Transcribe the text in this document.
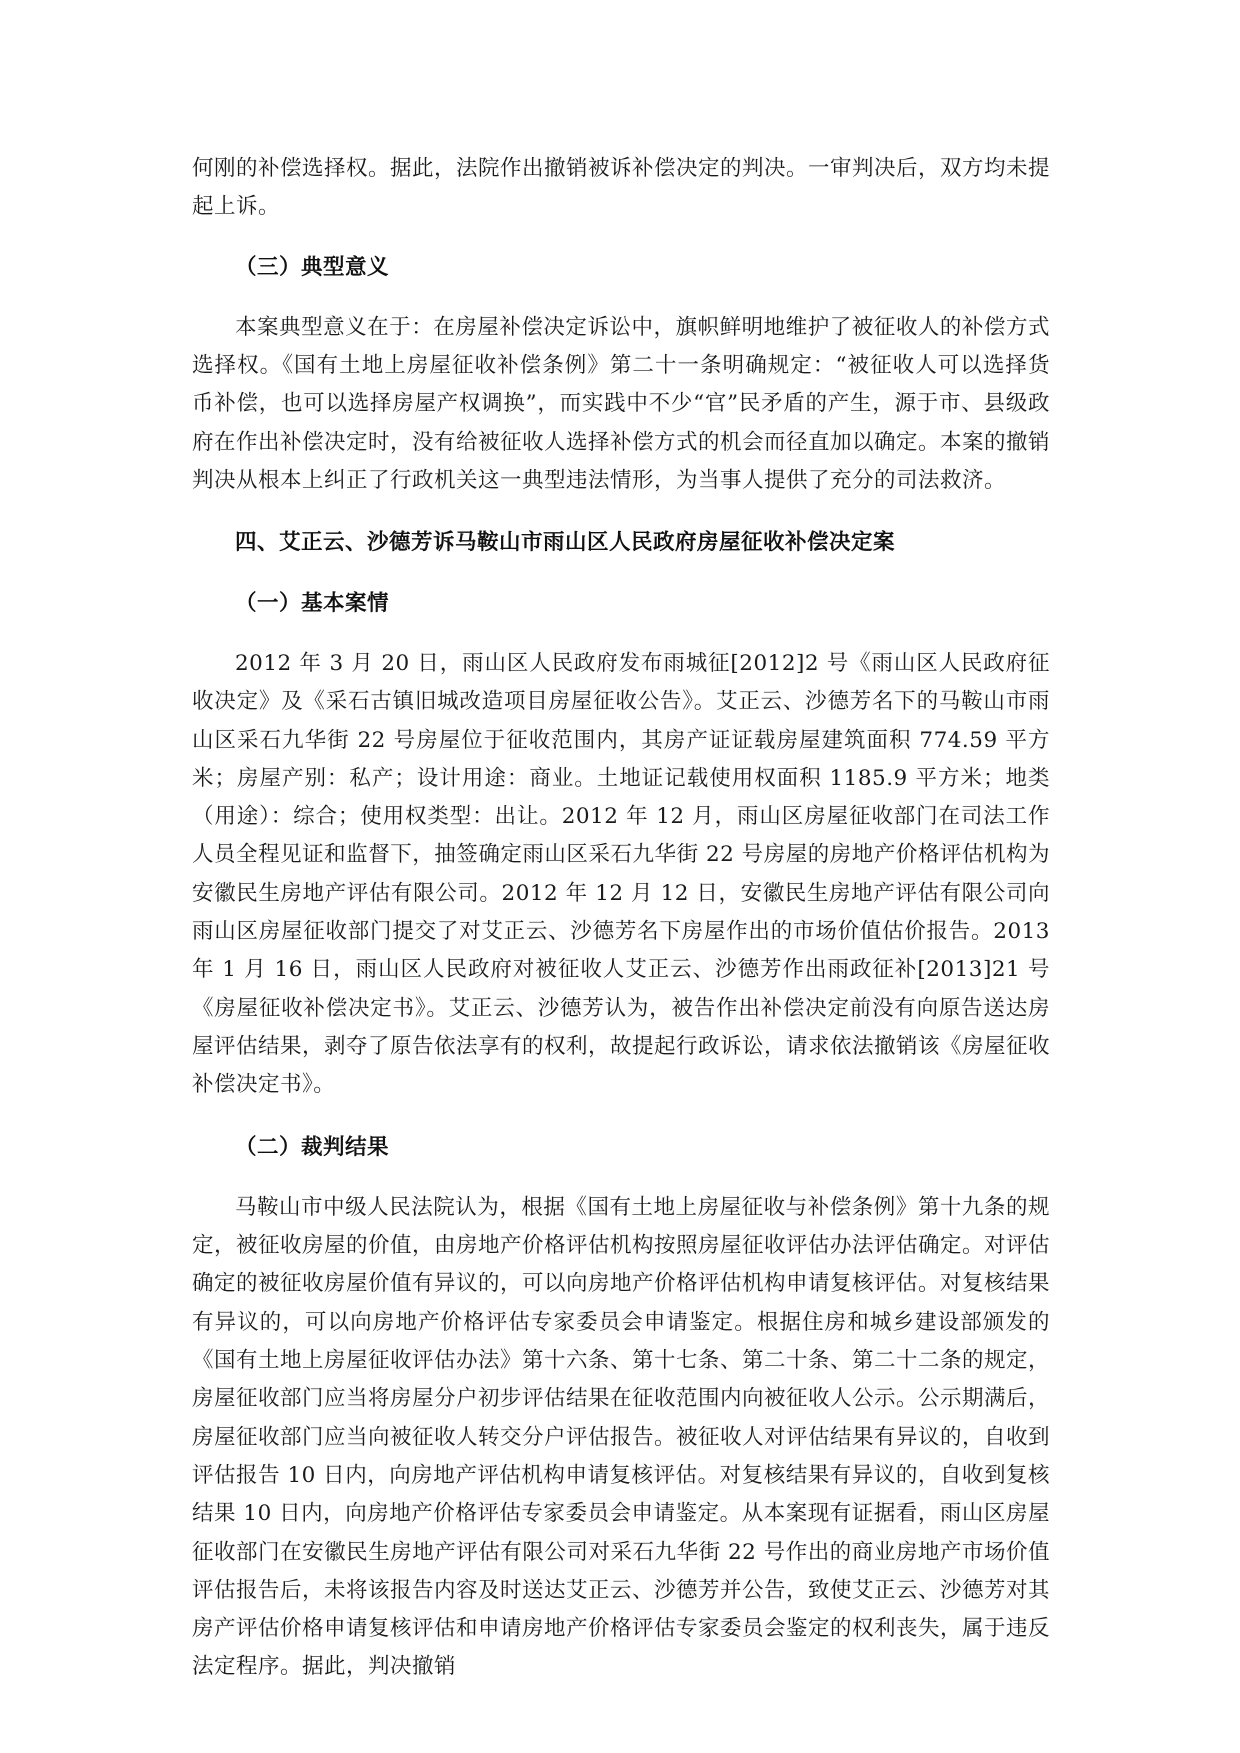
何刚的补偿选择权。据此，法院作出撤销被诉补偿决定的判决。一审判决后，双方均未提起上诉。

（三）典型意义

本案典型意义在于：在房屋补偿决定诉讼中，旗帜鲜明地维护了被征收人的补偿方式选择权。《国有土地上房屋征收补偿条例》第二十一条明确规定：“被征收人可以选择货币补偿，也可以选择房屋产权调换”，而实践中不少“官”民矛盾的产生，源于市、县级政府在作出补偿决定时，没有给被征收人选择补偿方式的机会而径直加以确定。本案的撤销判决从根本上纠正了行政机关这一典型违法情形，为当事人提供了充分的司法救济。

四、艾正云、沙德芳诉马鞍山市雨山区人民政府房屋征收补偿决定案

（一）基本案情

2012 年 3 月 20 日，雨山区人民政府发布雨城征[2012]2 号《雨山区人民政府征收决定》及《采石古镇旧城改造项目房屋征收公告》。艾正云、沙德芳名下的马鞍山市雨山区采石九华街 22 号房屋位于征收范围内，其房产证证载房屋建筑面积 774.59 平方米；房屋产别：私产；设计用途：商业。土地证记载使用权面积 1185.9 平方米；地类（用途）：综合；使用权类型：出让。2012 年 12 月，雨山区房屋征收部门在司法工作人员全程见证和监督下，抽签确定雨山区采石九华街 22 号房屋的房地产价格评估机构为安徽民生房地产评估有限公司。2012 年 12 月 12 日，安徽民生房地产评估有限公司向雨山区房屋征收部门提交了对艾正云、沙德芳名下房屋作出的市场价值估价报告。2013 年 1 月 16 日，雨山区人民政府对被征收人艾正云、沙德芳作出雨政征补[2013]21 号《房屋征收补偿决定书》。艾正云、沙德芳认为，被告作出补偿决定前没有向原告送达房屋评估结果，剥夺了原告依法享有的权利，故提起行政诉讼，请求依法撤销该《房屋征收补偿决定书》。

（二）裁判结果

马鞍山市中级人民法院认为，根据《国有土地上房屋征收与补偿条例》第十九条的规定，被征收房屋的价值，由房地产价格评估机构按照房屋征收评估办法评估确定。对评估确定的被征收房屋价值有异议的，可以向房地产价格评估机构申请复核评估。对复核结果有异议的，可以向房地产价格评估专家委员会申请鉴定。根据住房和城乡建设部颁发的《国有土地上房屋征收评估办法》第十六条、第十七条、第二十条、第二十二条的规定，房屋征收部门应当将房屋分户初步评估结果在征收范围内向被征收人公示。公示期满后，房屋征收部门应当向被征收人转交分户评估报告。被征收人对评估结果有异议的，自收到评估报告 10 日内，向房地产评估机构申请复核评估。对复核结果有异议的，自收到复核结果 10 日内，向房地产价格评估专家委员会申请鉴定。从本案现有证据看，雨山区房屋征收部门在安徽民生房地产评估有限公司对采石九华街 22 号作出的商业房地产市场价值评估报告后，未将该报告内容及时送达艾正云、沙德芳并公告，致使艾正云、沙德芳对其房产评估价格申请复核评估和申请房地产价格评估专家委员会鉴定的权利丧失，属于违反法定程序。据此，判决撤销
